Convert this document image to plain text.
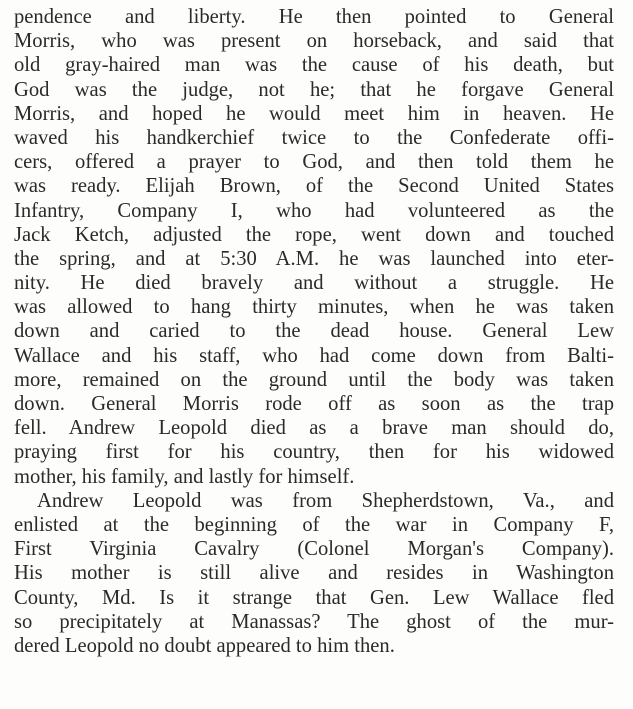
pendence and liberty. He then pointed to General
Morris, who was present on horseback, and said that
old gray-haired man was the cause of his death, but
God was the judge, not he; that he forgave General
Morris, and hoped he would meet him in heaven. He
waved his handkerchief twice to the Confederate offi-
cers, offered a prayer to God, and then told them he
was ready. Elijah Brown, of the Second United States
Infantry, Company I, who had volunteered as the
Jack Ketch, adjusted the rope, went down and touched
the spring, and at 5:30 A.M. he was launched into eter-
nity. He died bravely and without a struggle. He
was allowed to hang thirty minutes, when he was taken
down and caried to the dead house. General Lew
Wallace and his staff, who had come down from Balti-
more, remained on the ground until the body was taken
down. General Morris rode off as soon as the trap
fell. Andrew Leopold died as a brave man should do,
praying first for his country, then for his widowed
mother, his family, and lastly for himself.
Andrew Leopold was from Shepherdstown, Va., and
enlisted at the beginning of the war in Company F,
First Virginia Cavalry (Colonel Morgan's Company).
His mother is still alive and resides in Washington
County, Md. Is it strange that Gen. Lew Wallace fled
so precipitately at Manassas? The ghost of the mur-
dered Leopold no doubt appeared to him then.
